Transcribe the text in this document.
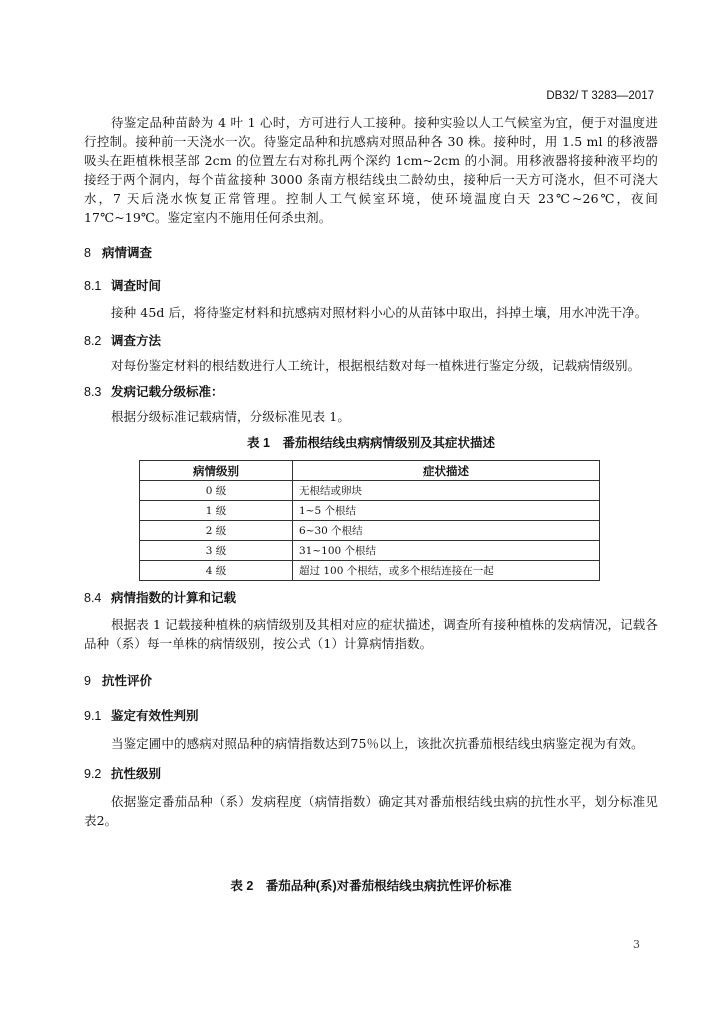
DB32/ T 3283—2017

待鉴定品种苗龄为 4 叶 1 心时，方可进行人工接种。接种实验以人工气候室为宜，便于对温度进行控制。接种前一天浇水一次。待鉴定品种和抗感病对照品种各 30 株。接种时，用 1.5 ml 的移液器吸头在距植株根茎部 2cm 的位置左右对称扎两个深约 1cm~2cm 的小洞。用移液器将接种液平均的接经于两个洞内，每个苗盆接种 3000 条南方根结线虫二龄幼虫，接种后一天方可浇水，但不可浇大水，7 天后浇水恢复正常管理。控制人工气候室环境，使环境温度白天 23℃~26℃，夜间 17℃~19℃。鉴定室内不施用任何杀虫剂。

8 病情调查

8.1 调查时间

接种 45d 后，将待鉴定材料和抗感病对照材料小心的从苗钵中取出，抖掉土壤，用水冲洗干净。

8.2 调查方法

对每份鉴定材料的根结数进行人工统计，根据根结数对每一植株进行鉴定分级，记载病情级别。

8.3 发病记载分级标准：

根据分级标准记载病情，分级标准见表 1。

表 1　番茄根结线虫病病情级别及其症状描述

病情级别	症状描述
0 级	无根结或卵块
1 级	1~5 个根结
2 级	6~30 个根结
3 级	31~100 个根结
4 级	超过 100 个根结，或多个根结连接在一起

8.4 病情指数的计算和记载

根据表 1 记载接种植株的病情级别及其相对应的症状描述，调查所有接种植株的发病情况，记载各品种（系）每一单株的病情级别，按公式（1）计算病情指数。

9 抗性评价

9.1 鉴定有效性判别

当鉴定圃中的感病对照品种的病情指数达到75％以上，该批次抗番茄根结线虫病鉴定视为有效。

9.2 抗性级别

依据鉴定番茄品种（系）发病程度（病情指数）确定其对番茄根结线虫病的抗性水平，划分标准见表2。

表 2　番茄品种(系)对番茄根结线虫病抗性评价标准

3
